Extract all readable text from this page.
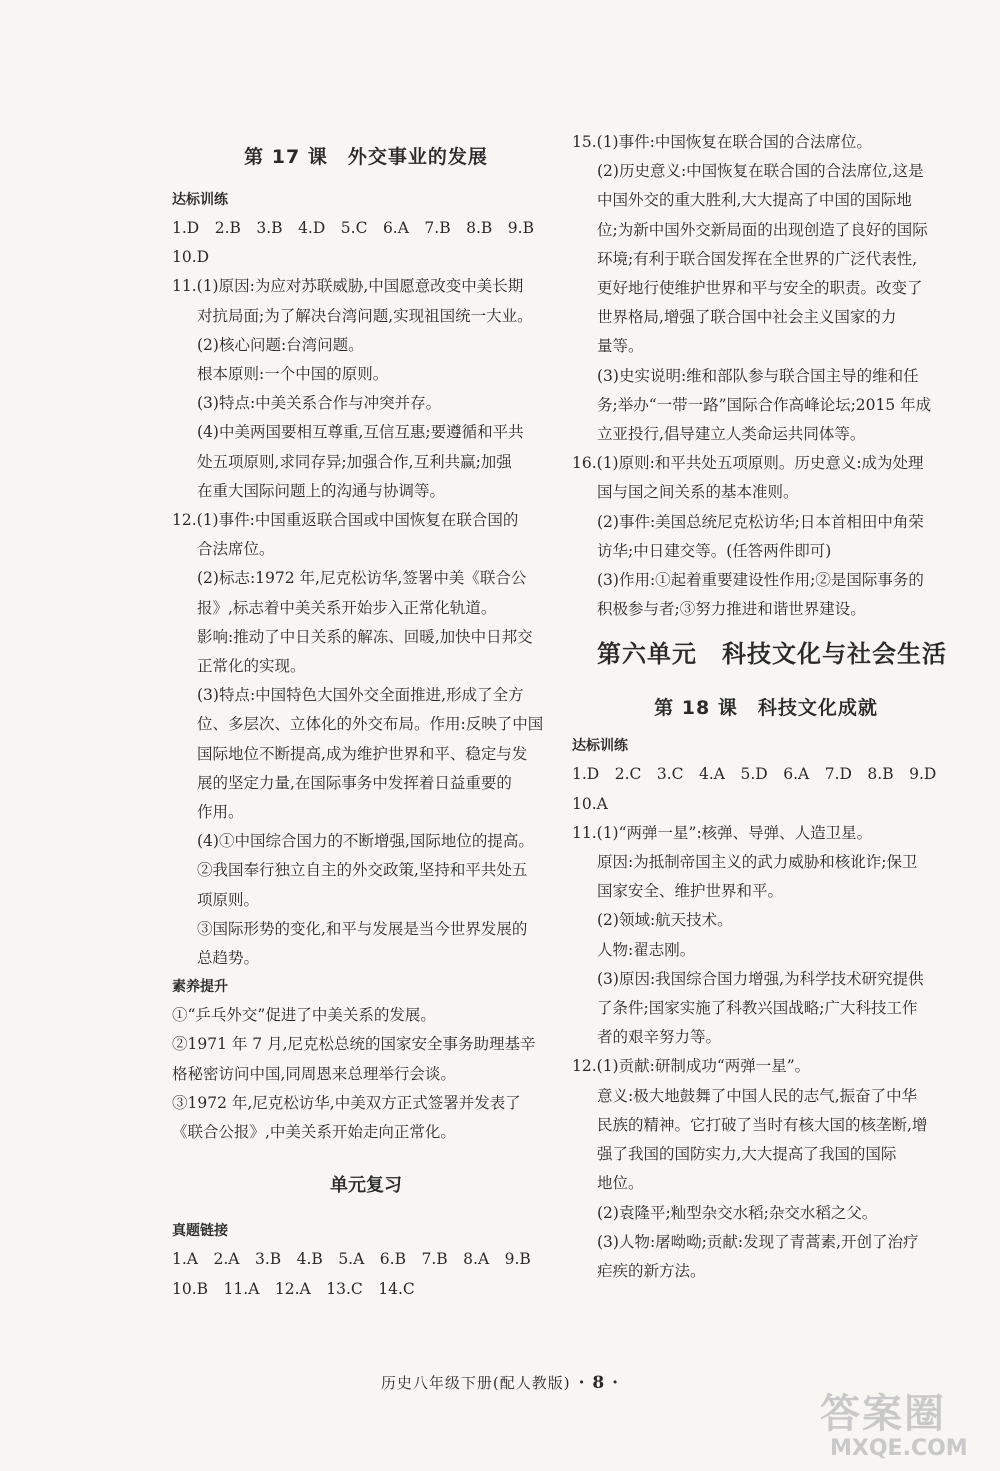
第 17 课　外交事业的发展
达标训练
1.D　2.B　3.B　4.D　5.C　6.A　7.B　8.B　9.B
10.D
11.(1)原因:为应对苏联威胁,中国愿意改变中美长期
对抗局面;为了解决台湾问题,实现祖国统一大业。
(2)核心问题:台湾问题。
根本原则:一个中国的原则。
(3)特点:中美关系合作与冲突并存。
(4)中美两国要相互尊重,互信互惠;要遵循和平共
处五项原则,求同存异;加强合作,互利共赢;加强
在重大国际问题上的沟通与协调等。
12.(1)事件:中国重返联合国或中国恢复在联合国的
合法席位。
(2)标志:1972 年,尼克松访华,签署中美《联合公
报》,标志着中美关系开始步入正常化轨道。
影响:推动了中日关系的解冻、回暖,加快中日邦交
正常化的实现。
(3)特点:中国特色大国外交全面推进,形成了全方
位、多层次、立体化的外交布局。作用:反映了中国
国际地位不断提高,成为维护世界和平、稳定与发
展的坚定力量,在国际事务中发挥着日益重要的
作用。
(4)①中国综合国力的不断增强,国际地位的提高。
②我国奉行独立自主的外交政策,坚持和平共处五
项原则。
③国际形势的变化,和平与发展是当今世界发展的
总趋势。
素养提升
①“乒乓外交”促进了中美关系的发展。
②1971 年 7 月,尼克松总统的国家安全事务助理基辛
格秘密访问中国,同周恩来总理举行会谈。
③1972 年,尼克松访华,中美双方正式签署并发表了
《联合公报》,中美关系开始走向正常化。
单元复习
真题链接
1.A　2.A　3.B　4.B　5.A　6.B　7.B　8.A　9.B
10.B　11.A　12.A　13.C　14.C
15.(1)事件:中国恢复在联合国的合法席位。
(2)历史意义:中国恢复在联合国的合法席位,这是
中国外交的重大胜利,大大提高了中国的国际地
位;为新中国外交新局面的出现创造了良好的国际
环境;有利于联合国发挥在全世界的广泛代表性,
更好地行使维护世界和平与安全的职责。改变了
世界格局,增强了联合国中社会主义国家的力
量等。
(3)史实说明:维和部队参与联合国主导的维和任
务;举办“一带一路”国际合作高峰论坛;2015 年成
立亚投行,倡导建立人类命运共同体等。
16.(1)原则:和平共处五项原则。历史意义:成为处理
国与国之间关系的基本准则。
(2)事件:美国总统尼克松访华;日本首相田中角荣
访华;中日建交等。(任答两件即可)
(3)作用:①起着重要建设性作用;②是国际事务的
积极参与者;③努力推进和谐世界建设。
第六单元　科技文化与社会生活
第 18 课　科技文化成就
达标训练
1.D　2.C　3.C　4.A　5.D　6.A　7.D　8.B　9.D
10.A
11.(1)“两弹一星”:核弹、导弹、人造卫星。
原因:为抵制帝国主义的武力威胁和核讹诈;保卫
国家安全、维护世界和平。
(2)领域:航天技术。
人物:翟志刚。
(3)原因:我国综合国力增强,为科学技术研究提供
了条件;国家实施了科教兴国战略;广大科技工作
者的艰辛努力等。
12.(1)贡献:研制成功“两弹一星”。
意义:极大地鼓舞了中国人民的志气,振奋了中华
民族的精神。它打破了当时有核大国的核垄断,增
强了我国的国防实力,大大提高了我国的国际
地位。
(2)袁隆平;籼型杂交水稻;杂交水稻之父。
(3)人物:屠呦呦;贡献:发现了青蒿素,开创了治疗
疟疾的新方法。
历史八年级下册(配人教版) · 8 ·
答案圈
MXQE.COM
